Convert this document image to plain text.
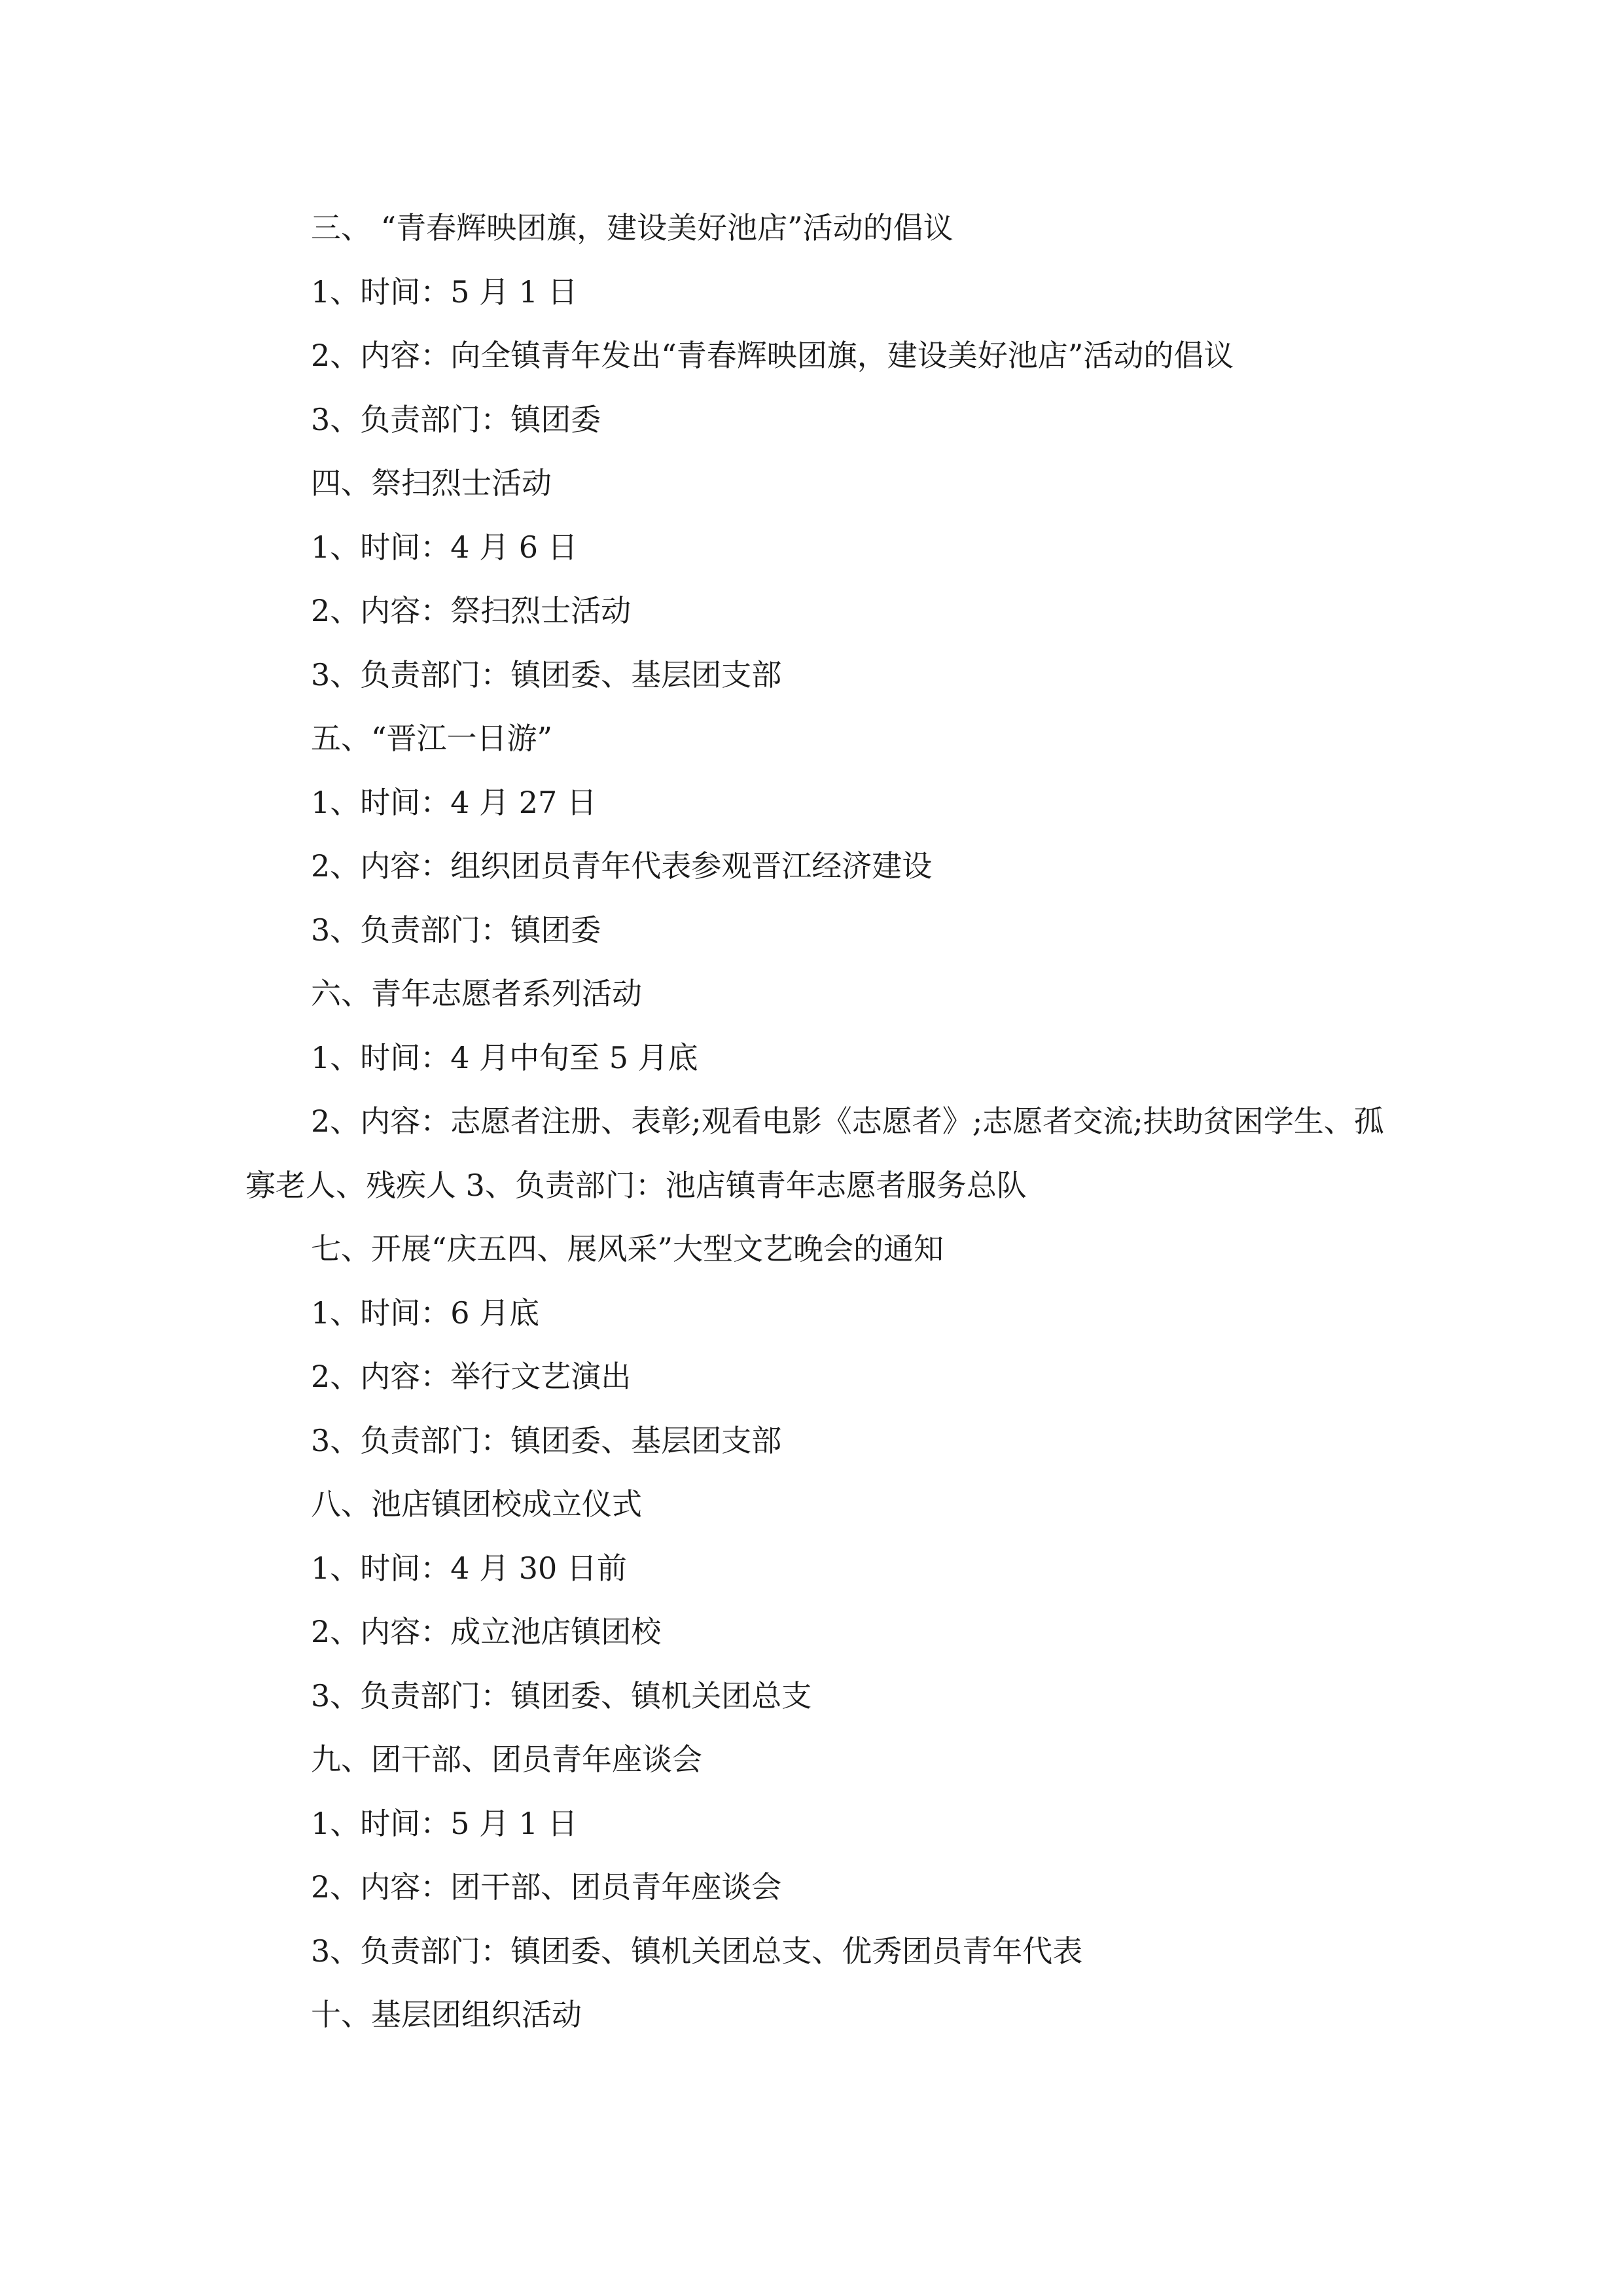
三、 “青春辉映团旗，建设美好池店”活动的倡议
1、时间：5 月 1 日
2、内容：向全镇青年发出“青春辉映团旗，建设美好池店”活动的倡议
3、负责部门：镇团委
四、祭扫烈士活动
1、时间：4 月 6 日
2、内容：祭扫烈士活动
3、负责部门：镇团委、基层团支部
五、“晋江一日游”
1、时间：4 月 27 日
2、内容：组织团员青年代表参观晋江经济建设
3、负责部门：镇团委
六、青年志愿者系列活动
1、时间：4 月中旬至 5 月底
2、内容：志愿者注册、表彰;观看电影《志愿者》;志愿者交流;扶助贫困学生、孤寡老人、残疾人 3、负责部门：池店镇青年志愿者服务总队
七、开展“庆五四、展风采”大型文艺晚会的通知
1、时间：6 月底
2、内容：举行文艺演出
3、负责部门：镇团委、基层团支部
八、池店镇团校成立仪式
1、时间：4 月 30 日前
2、内容：成立池店镇团校
3、负责部门：镇团委、镇机关团总支
九、团干部、团员青年座谈会
1、时间：5 月 1 日
2、内容：团干部、团员青年座谈会
3、负责部门：镇团委、镇机关团总支、优秀团员青年代表
十、基层团组织活动
